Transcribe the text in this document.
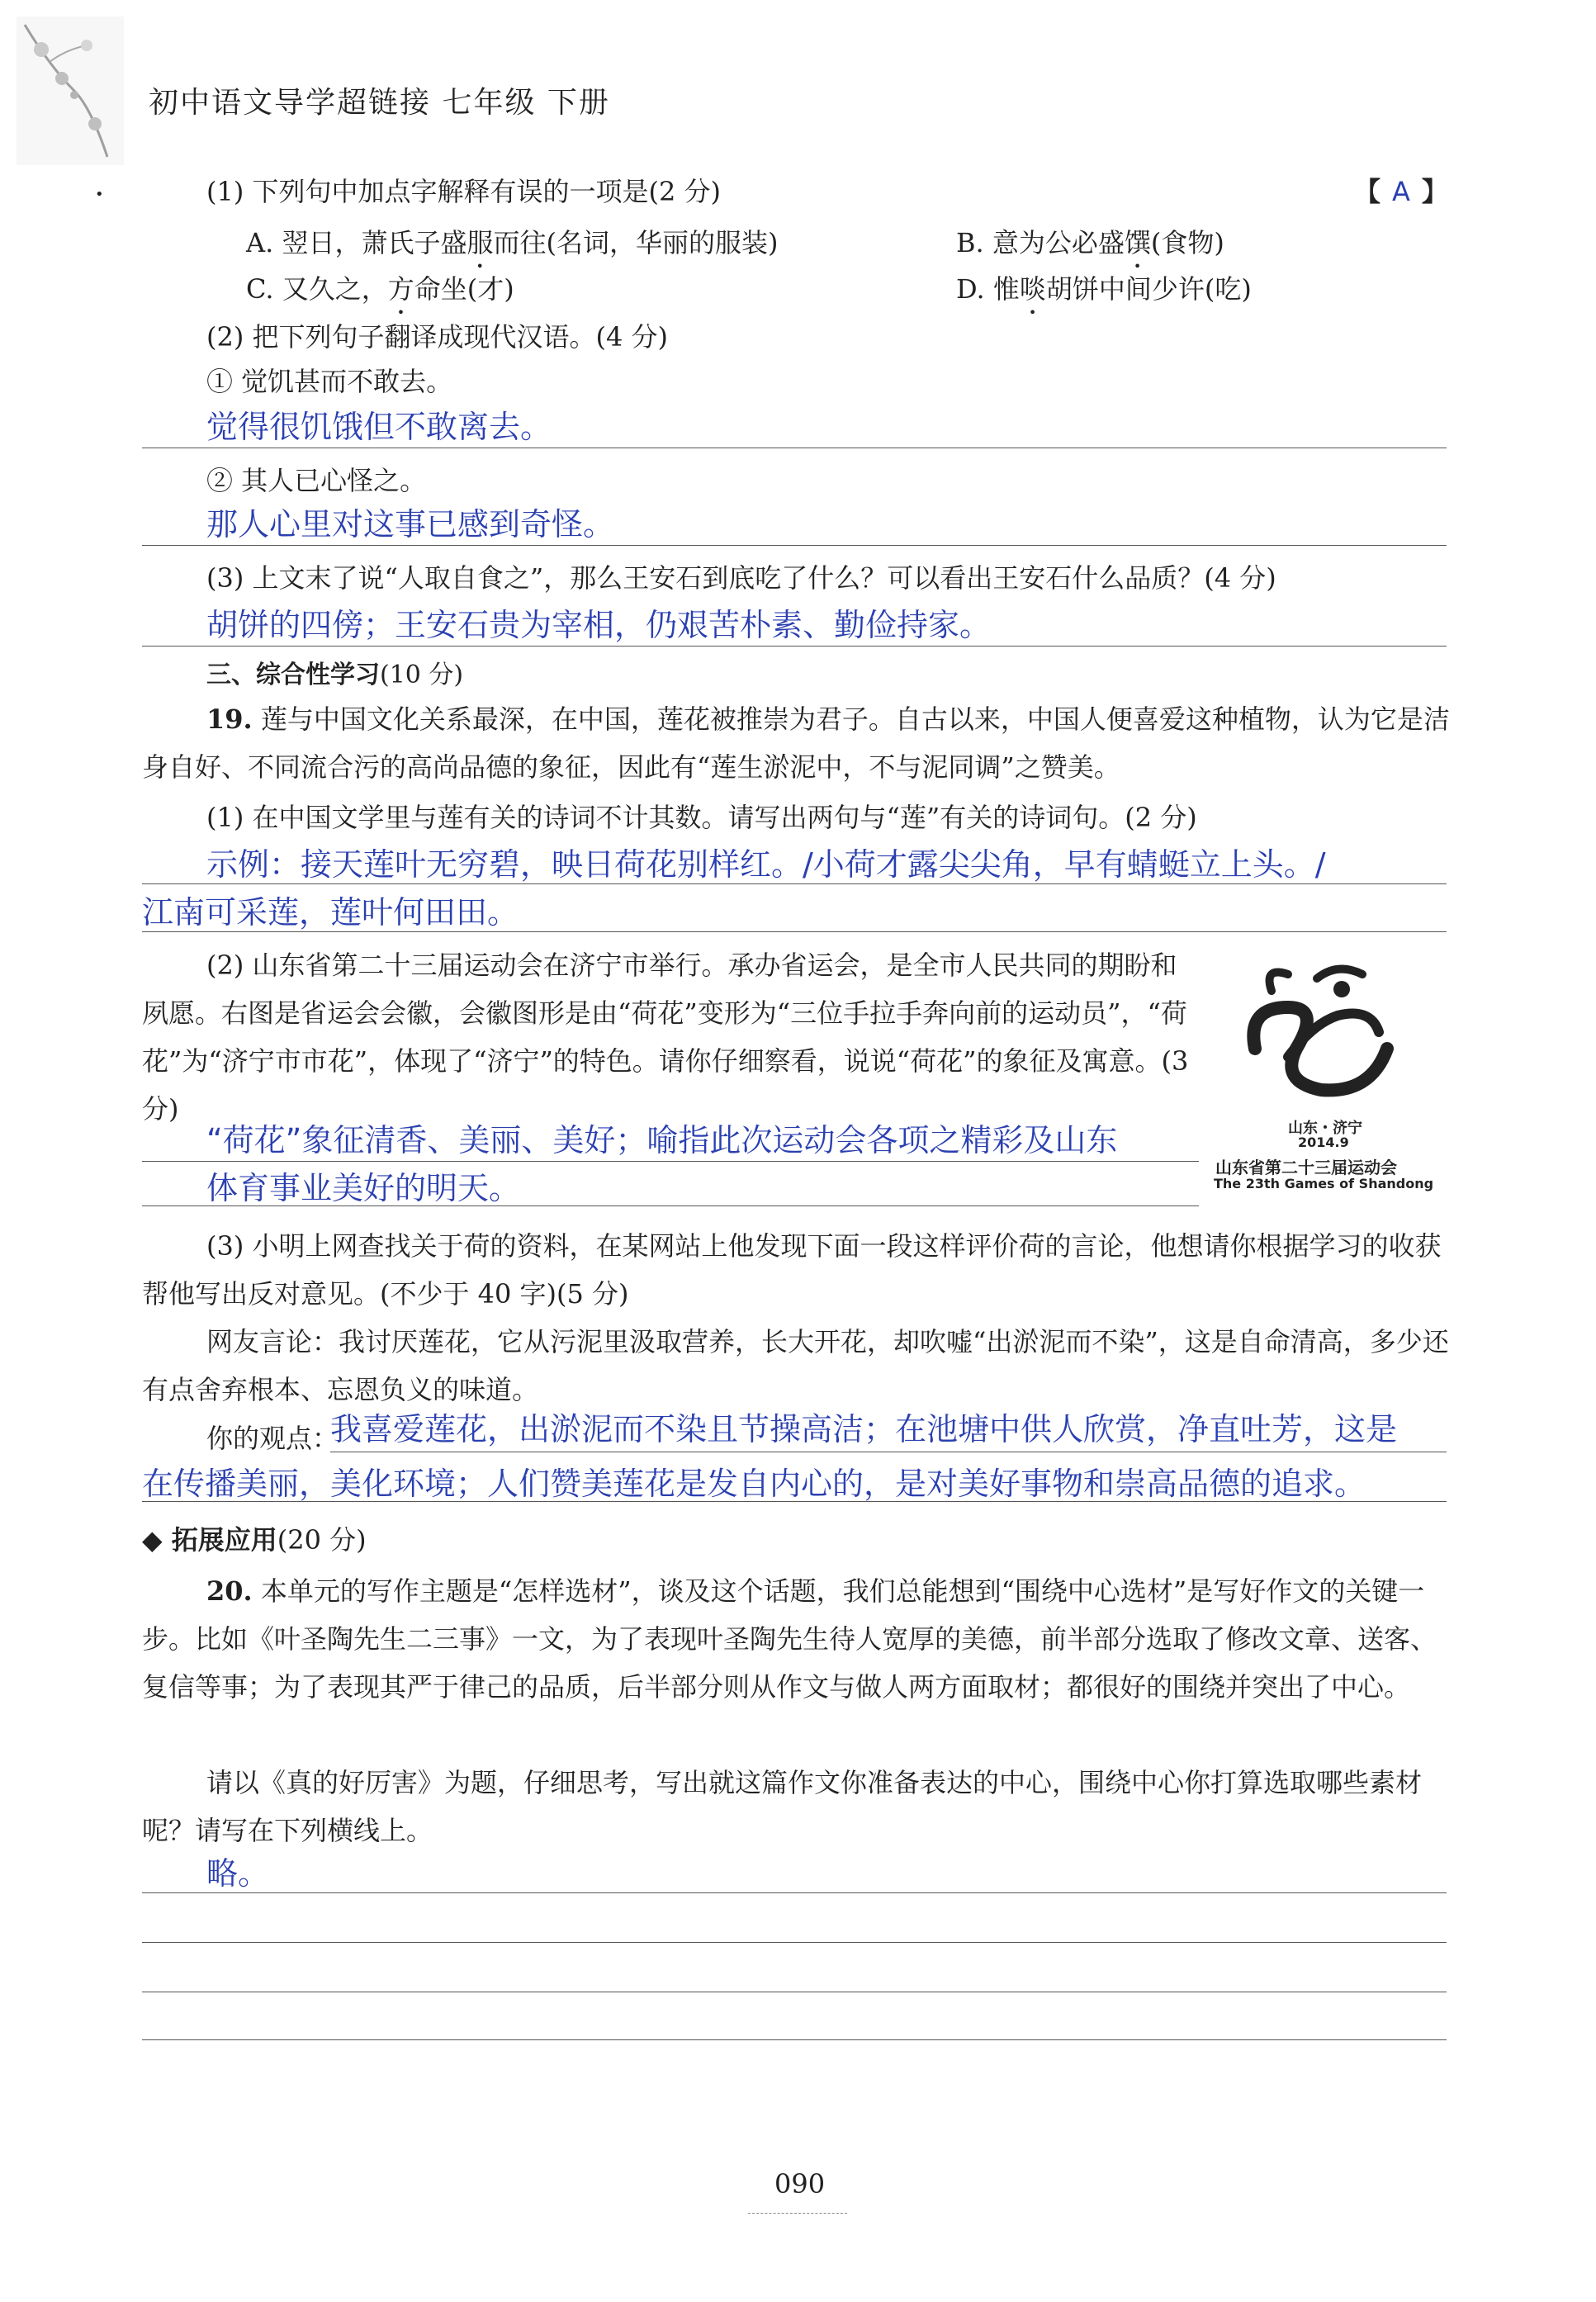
初中语文导学超链接 七年级 下册
•	(1) 下列句中加点字解释有误的一项是(2 分)	【 A 】
A. 翌日，萧氏子盛服而往(名词，华丽的服装)	B. 意为公必盛馔(食物)
C. 又久之，方命坐(才)	D. 惟啖胡饼中间少许(吃)
(2) 把下列句子翻译成现代汉语。(4 分)
① 觉饥甚而不敢去。
觉得很饥饿但不敢离去。
② 其人已心怪之。
那人心里对这事已感到奇怪。
(3) 上文末了说“人取自食之”，那么王安石到底吃了什么？可以看出王安石什么品质？(4 分)
胡饼的四傍；王安石贵为宰相，仍艰苦朴素、勤俭持家。
三、综合性学习(10 分)
19. 莲与中国文化关系最深，在中国，莲花被推崇为君子。自古以来，中国人便喜爱这种植物，认为它是洁身自好、不同流合污的高尚品德的象征，因此有“莲生淤泥中，不与泥同调”之赞美。
(1) 在中国文学里与莲有关的诗词不计其数。请写出两句与“莲”有关的诗词句。(2 分)
示例：接天莲叶无穷碧，映日荷花别样红。/小荷才露尖尖角，早有蜻蜓立上头。/
江南可采莲，莲叶何田田。
(2) 山东省第二十三届运动会在济宁市举行。承办省运会，是全市人民共同的期盼和夙愿。右图是省运会会徽，会徽图形是由“荷花”变形为“三位手拉手奔向前的运动员”，“荷花”为“济宁市市花”，体现了“济宁”的特色。请你仔细察看，说说“荷花”的象征及寓意。(3 分)
山东・济宁
2014.9
山东省第二十三届运动会
The 23th Games of Shandong
“荷花”象征清香、美丽、美好；喻指此次运动会各项之精彩及山东
体育事业美好的明天。
(3) 小明上网查找关于荷的资料，在某网站上他发现下面一段这样评价荷的言论，他想请你根据学习的收获帮他写出反对意见。(不少于 40 字)(5 分)
网友言论：我讨厌莲花，它从污泥里汲取营养，长大开花，却吹嘘“出淤泥而不染”，这是自命清高，多少还有点舍弃根本、忘恩负义的味道。
你的观点：
我喜爱莲花，出淤泥而不染且节操高洁；在池塘中供人欣赏，净直吐芳，这是
在传播美丽，美化环境；人们赞美莲花是发自内心的，是对美好事物和崇高品德的追求。
◆ 拓展应用(20 分)
20. 本单元的写作主题是“怎样选材”，谈及这个话题，我们总能想到“围绕中心选材”是写好作文的关键一步。比如《叶圣陶先生二三事》一文，为了表现叶圣陶先生待人宽厚的美德，前半部分选取了修改文章、送客、复信等事；为了表现其严于律己的品质，后半部分则从作文与做人两方面取材；都很好的围绕并突出了中心。
请以《真的好厉害》为题，仔细思考，写出就这篇作文你准备表达的中心，围绕中心你打算选取哪些素材呢？请写在下列横线上。
略。
090
